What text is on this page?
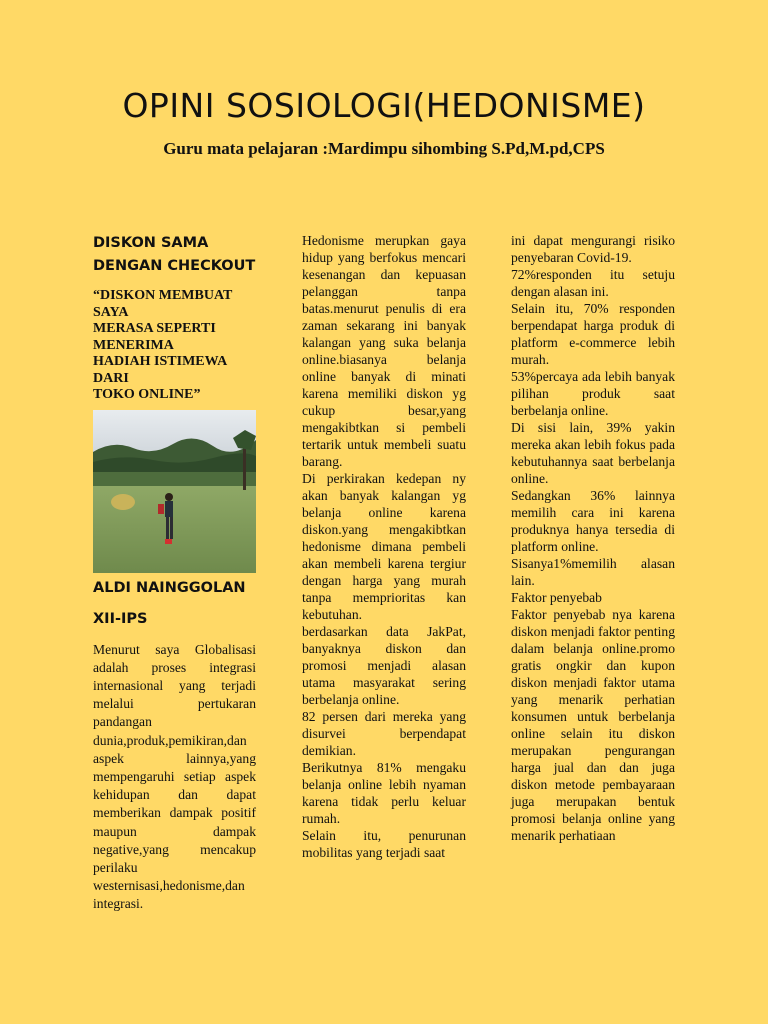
OPINI SOSIOLOGI(HEDONISME)
Guru mata pelajaran :Mardimpu sihombing S.Pd,M.pd,CPS
DISKON SAMA
DENGAN CHECKOUT
“DISKON MEMBUAT
SAYA
MERASA SEPERTI
MENERIMA
HADIAH ISTIMEWA
DARI
TOKO ONLINE”
ALDI NAINGGOLAN
XII-IPS
Menurut saya Globalisasi adalah proses integrasi internasional yang terjadi melalui pertukaran pandangan dunia,produk,pemikiran,dan aspek lainnya,yang mempengaruhi setiap aspek kehidupan dan dapat memberikan dampak positif maupun dampak negative,yang mencakup perilaku westernisasi,hedonisme,dan integrasi.

Hedonisme merupkan gaya hidup yang berfokus mencari kesenangan dan kepuasan pelanggan tanpa batas.menurut penulis di era zaman sekarang ini banyak kalangan yang suka belanja online.biasanya belanja online banyak di minati karena memiliki diskon yg cukup besar,yang mengakibtkan si pembeli tertarik untuk membeli suatu barang.

Di perkirakan kedepan ny akan banyak kalangan yg belanja online karena diskon.yang mengakibtkan hedonisme dimana pembeli akan membeli karena tergiur dengan harga yang murah tanpa memprioritas kan kebutuhan.

berdasarkan data JakPat, banyaknya diskon dan promosi menjadi alasan utama masyarakat sering berbelanja online.

82 persen dari mereka yang disurvei berpendapat demikian.

Berikutnya 81% mengaku belanja online lebih nyaman karena tidak perlu keluar rumah.

Selain itu, penurunan mobilitas yang terjadi saat

ini dapat mengurangi risiko penyebaran Covid-19.

72%responden itu setuju dengan alasan ini.

Selain itu, 70% responden berpendapat harga produk di platform e-commerce lebih murah.

53%percaya ada lebih banyak pilihan produk saat berbelanja online.

Di sisi lain, 39% yakin mereka akan lebih fokus pada kebutuhannya saat berbelanja online.

Sedangkan 36% lainnya memilih cara ini karena produknya hanya tersedia di platform online.

Sisanya1%memilih alasan lain.

Faktor penyebab

Faktor penyebab nya karena diskon menjadi faktor penting dalam belanja online.promo gratis ongkir dan kupon diskon menjadi faktor utama yang menarik perhatian konsumen untuk berbelanja online selain itu diskon merupakan pengurangan harga jual dan dan juga diskon metode pembayaraan juga merupakan bentuk promosi belanja online yang menarik perhatiaan
